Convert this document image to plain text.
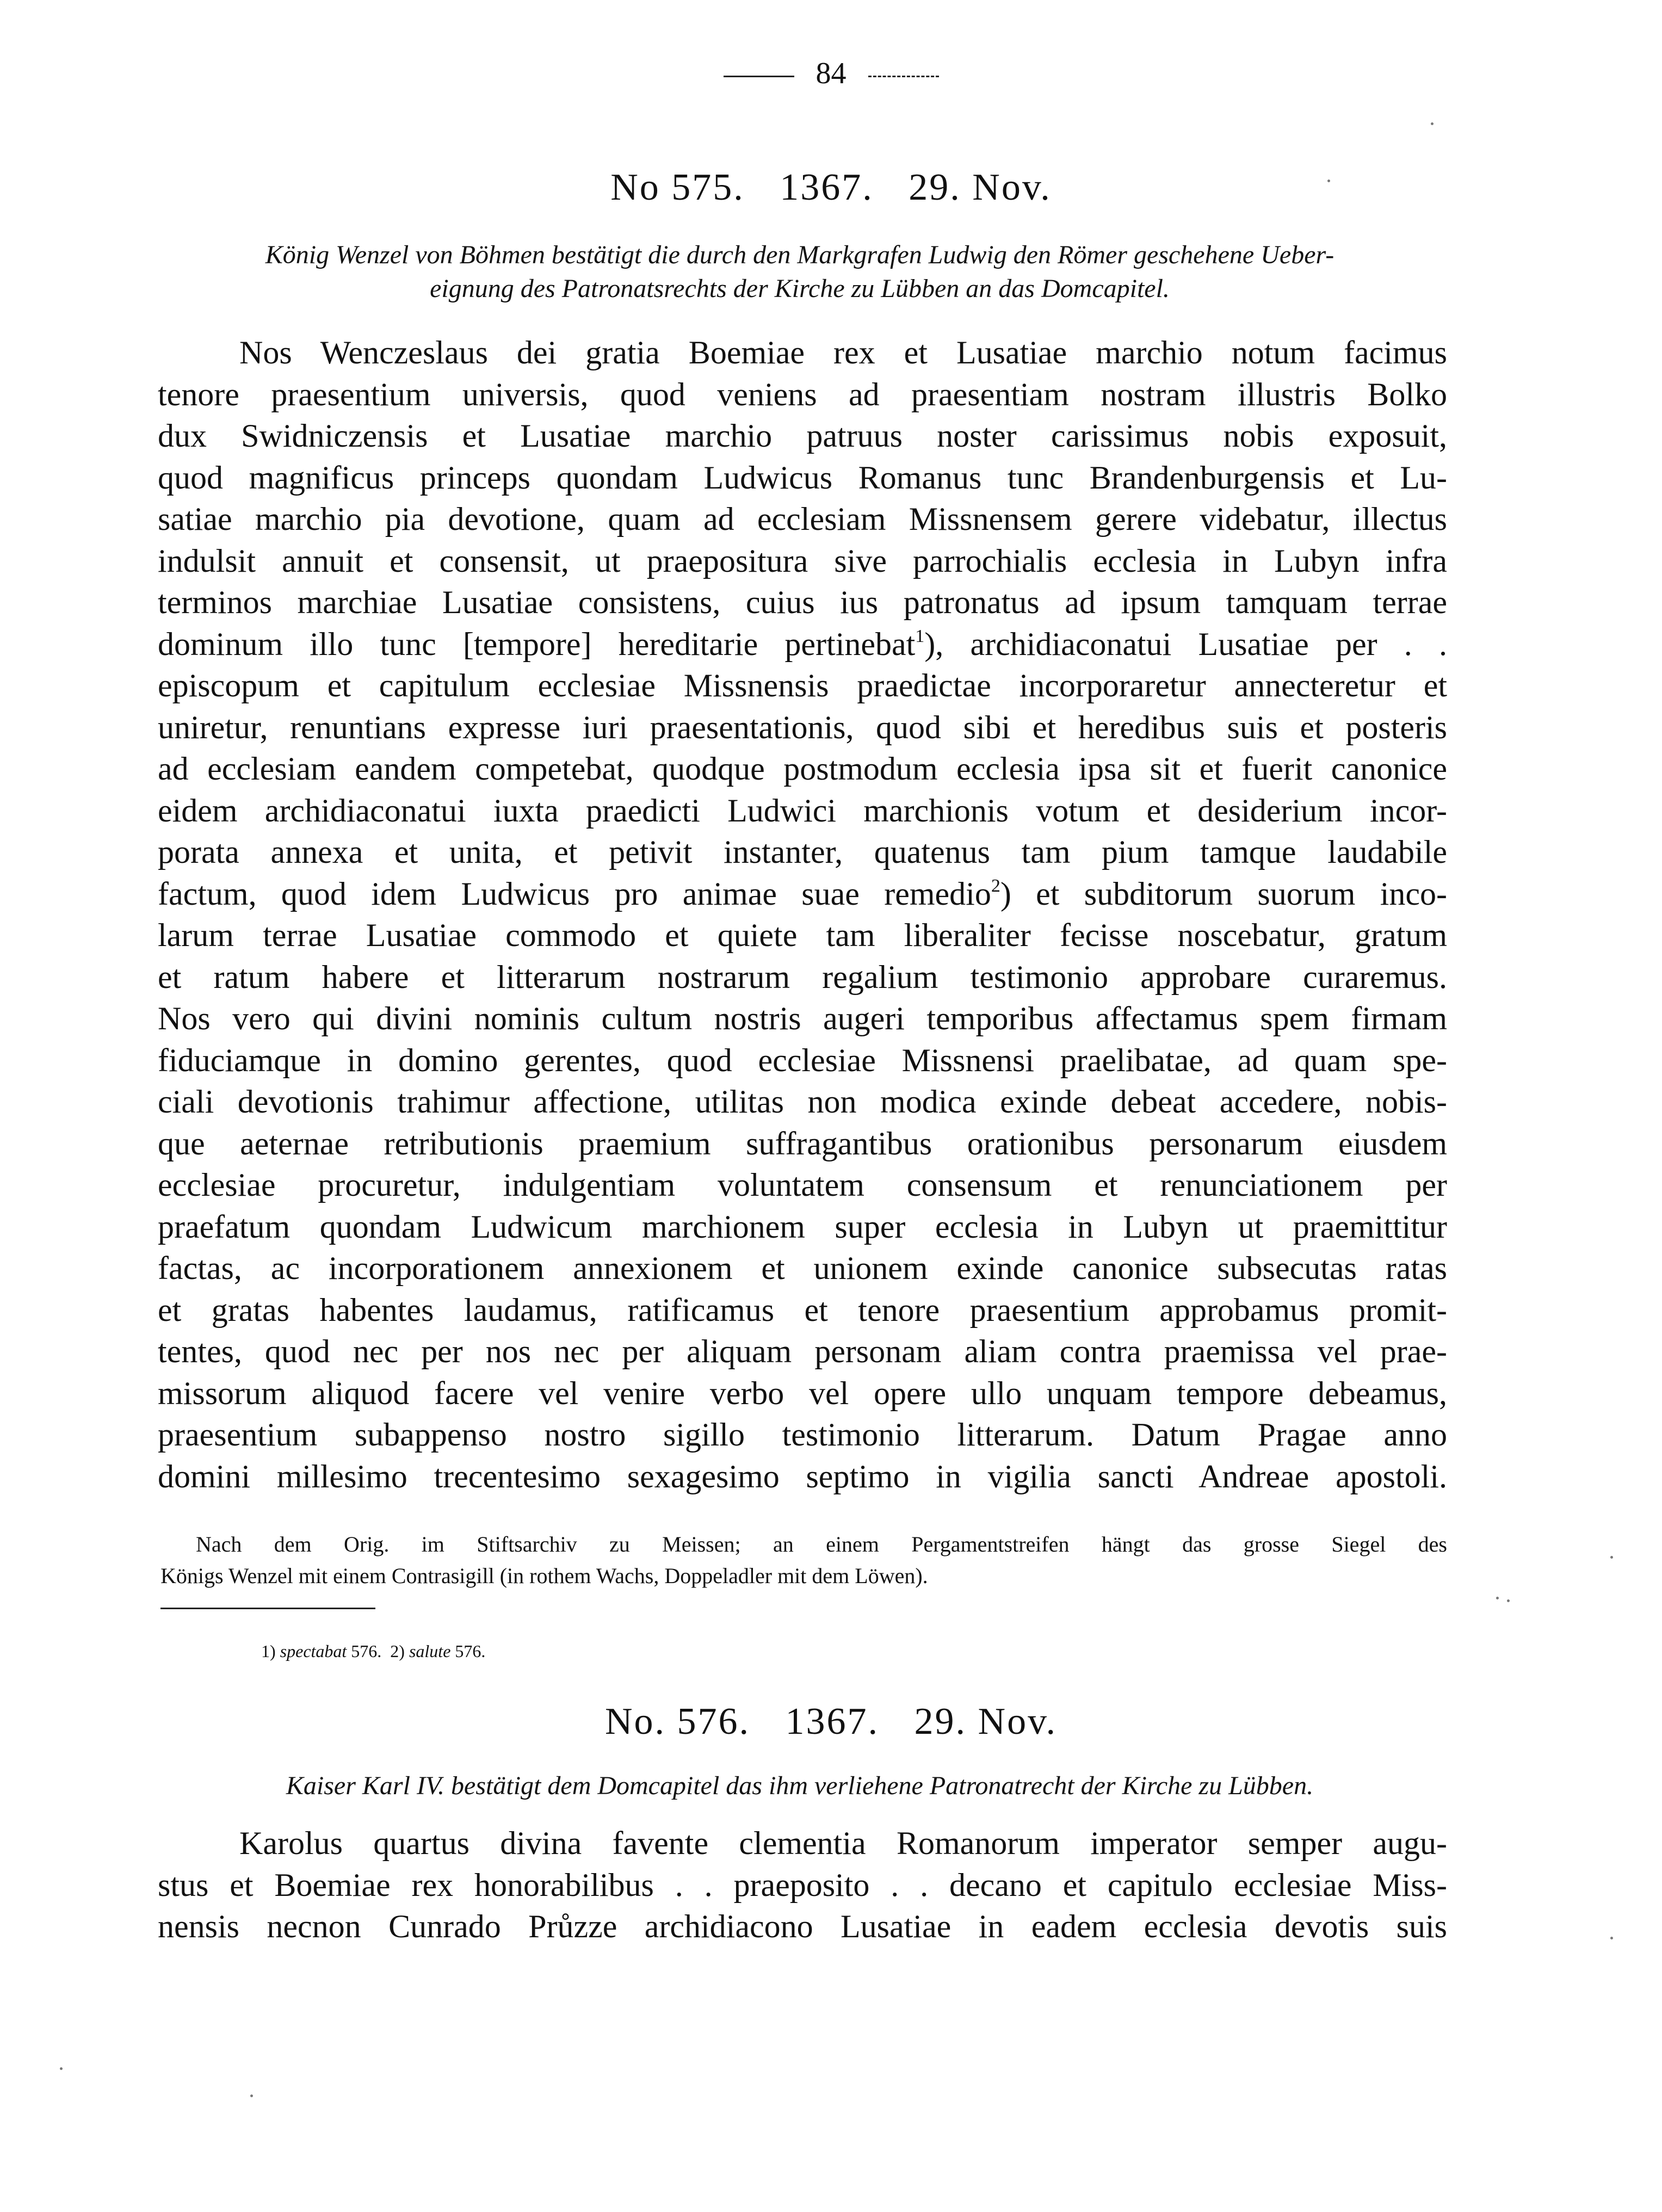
84
No 575. 1367. 29. Nov.
König Wenzel von Böhmen bestätigt die durch den Markgrafen Ludwig den Römer geschehene Ueber-
eignung des Patronatsrechts der Kirche zu Lübben an das Domcapitel.
Nos Wenczeslaus dei gratia Boemiae rex et Lusatiae marchio notum facimus
tenore praesentium universis, quod veniens ad praesentiam nostram illustris Bolko
dux Swidniczensis et Lusatiae marchio patruus noster carissimus nobis exposuit,
quod magnificus princeps quondam Ludwicus Romanus tunc Brandenburgensis et Lu-
satiae marchio pia devotione, quam ad ecclesiam Missnensem gerere videbatur, illectus
indulsit annuit et consensit, ut praepositura sive parrochialis ecclesia in Lubyn infra
terminos marchiae Lusatiae consistens, cuius ius patronatus ad ipsum tamquam terrae
dominum illo tunc [tempore] hereditarie pertinebat$^1$), archidiaconatui Lusatiae per . .
episcopum et capitulum ecclesiae Missnensis praedictae incorporaretur annecteretur et
uniretur, renuntians expresse iuri praesentationis, quod sibi et heredibus suis et posteris
ad ecclesiam eandem competebat, quodque postmodum ecclesia ipsa sit et fuerit canonice
eidem archidiaconatui iuxta praedicti Ludwici marchionis votum et desiderium incor-
porata annexa et unita, et petivit instanter, quatenus tam pium tamque laudabile
factum, quod idem Ludwicus pro animae suae remedio$^2$) et subditorum suorum inco-
larum terrae Lusatiae commodo et quiete tam liberaliter fecisse noscebatur, gratum
et ratum habere et litterarum nostrarum regalium testimonio approbare curaremus.
Nos vero qui divini nominis cultum nostris augeri temporibus affectamus spem firmam
fiduciamque in domino gerentes, quod ecclesiae Missnensi praelibatae, ad quam spe-
ciali devotionis trahimur affectione, utilitas non modica exinde debeat accedere, nobis-
que aeternae retributionis praemium suffragantibus orationibus personarum eiusdem
ecclesiae procuretur, indulgentiam voluntatem consensum et renunciationem per
praefatum quondam Ludwicum marchionem super ecclesia in Lubyn ut praemittitur
factas, ac incorporationem annexionem et unionem exinde canonice subsecutas ratas
et gratas habentes laudamus, ratificamus et tenore praesentium approbamus promit-
tentes, quod nec per nos nec per aliquam personam aliam contra praemissa vel prae-
missorum aliquod facere vel venire verbo vel opere ullo unquam tempore debeamus,
praesentium subappenso nostro sigillo testimonio litterarum. Datum Pragae anno
domini millesimo trecentesimo sexagesimo septimo in vigilia sancti Andreae apostoli.
Nach dem Orig. im Stiftsarchiv zu Meissen; an einem Pergamentstreifen hängt das grosse Siegel des
Königs Wenzel mit einem Contrasigill (in rothem Wachs, Doppeladler mit dem Löwen).
1) spectabat 576. 2) salute 576.
No. 576. 1367. 29. Nov.
Kaiser Karl IV. bestätigt dem Domcapitel das ihm verliehene Patronatrecht der Kirche zu Lübben.
Karolus quartus divina favente clementia Romanorum imperator semper augu-
stus et Boemiae rex honorabilibus . . praeposito . . decano et capitulo ecclesiae Miss-
nensis necnon Cunrado Průzze archidiacono Lusatiae in eadem ecclesia devotis suis
